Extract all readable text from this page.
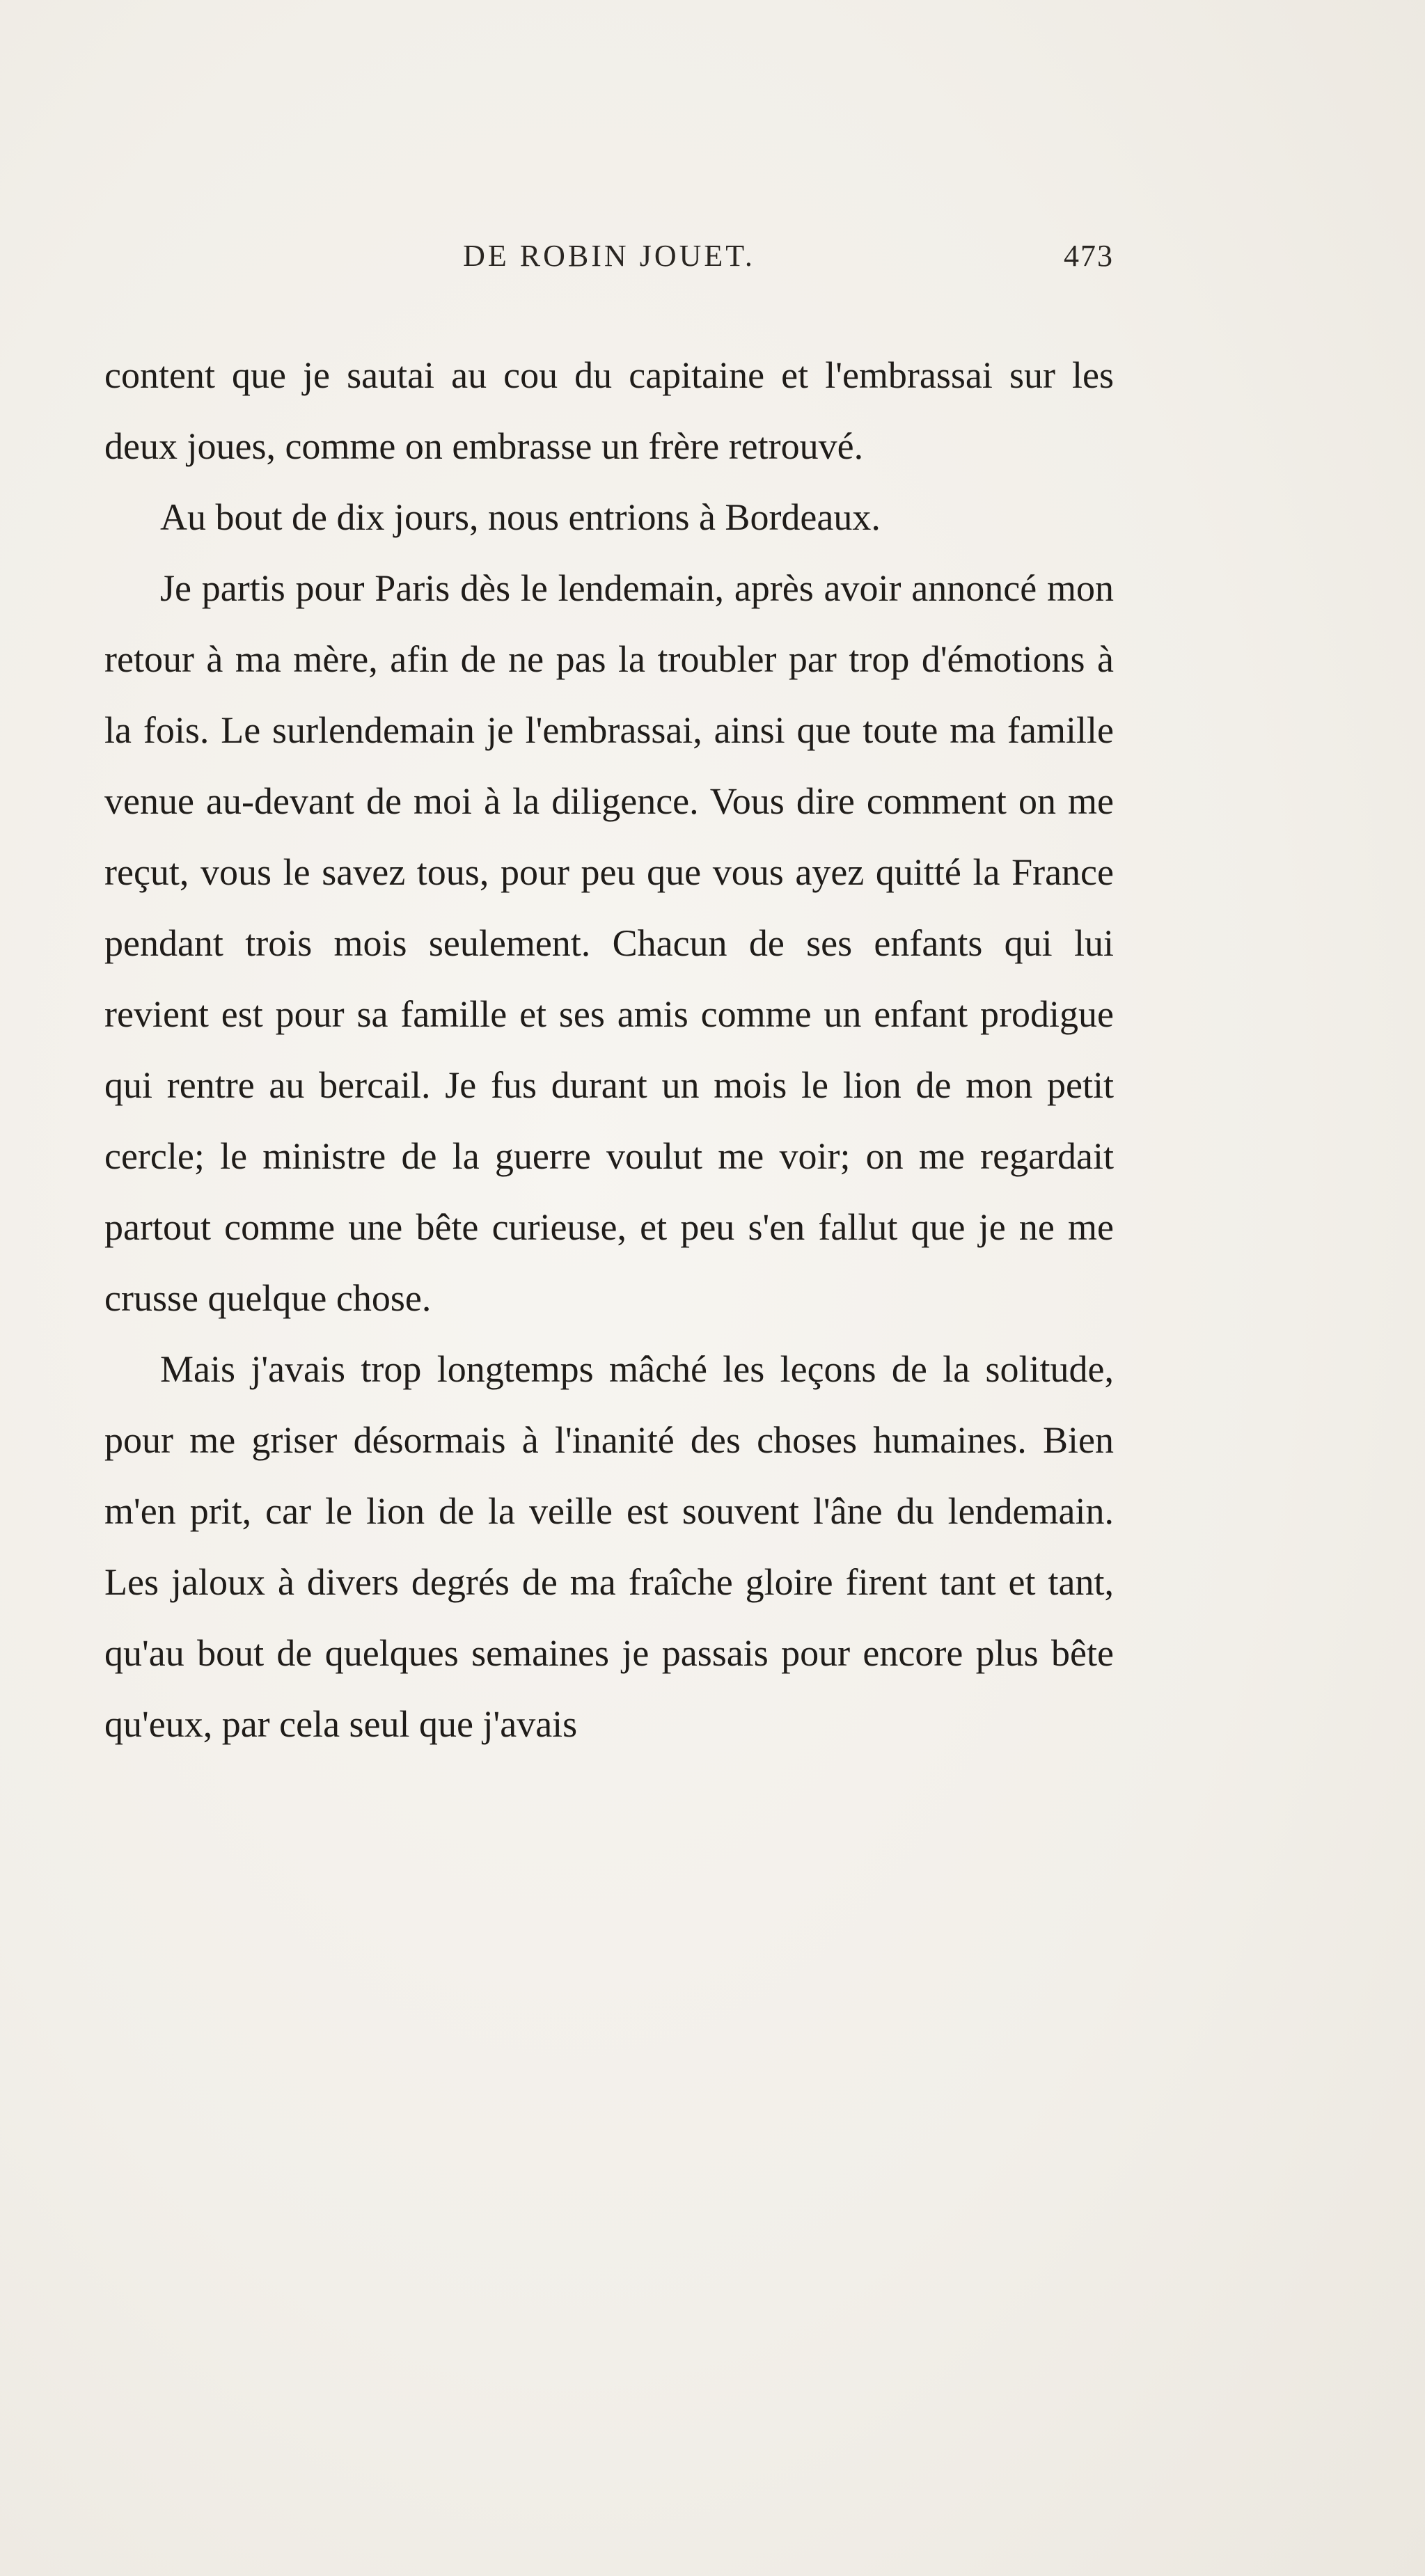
DE ROBIN JOUET.	473

content que je sautai au cou du capitaine et l'embrassai sur les deux joues, comme on embrasse un frère retrouvé.

Au bout de dix jours, nous entrions à Bordeaux.

Je partis pour Paris dès le lendemain, après avoir annoncé mon retour à ma mère, afin de ne pas la troubler par trop d'émotions à la fois. Le surlendemain je l'embrassai, ainsi que toute ma famille venue au-devant de moi à la diligence. Vous dire comment on me reçut, vous le savez tous, pour peu que vous ayez quitté la France pendant trois mois seulement. Chacun de ses enfants qui lui revient est pour sa famille et ses amis comme un enfant prodigue qui rentre au bercail. Je fus durant un mois le lion de mon petit cercle; le ministre de la guerre voulut me voir; on me regardait partout comme une bête curieuse, et peu s'en fallut que je ne me crusse quelque chose.

Mais j'avais trop longtemps mâché les leçons de la solitude, pour me griser désormais à l'inanité des choses humaines. Bien m'en prit, car le lion de la veille est souvent l'âne du lendemain. Les jaloux à divers degrés de ma fraîche gloire firent tant et tant, qu'au bout de quelques semaines je passais pour encore plus bête qu'eux, par cela seul que j'avais
